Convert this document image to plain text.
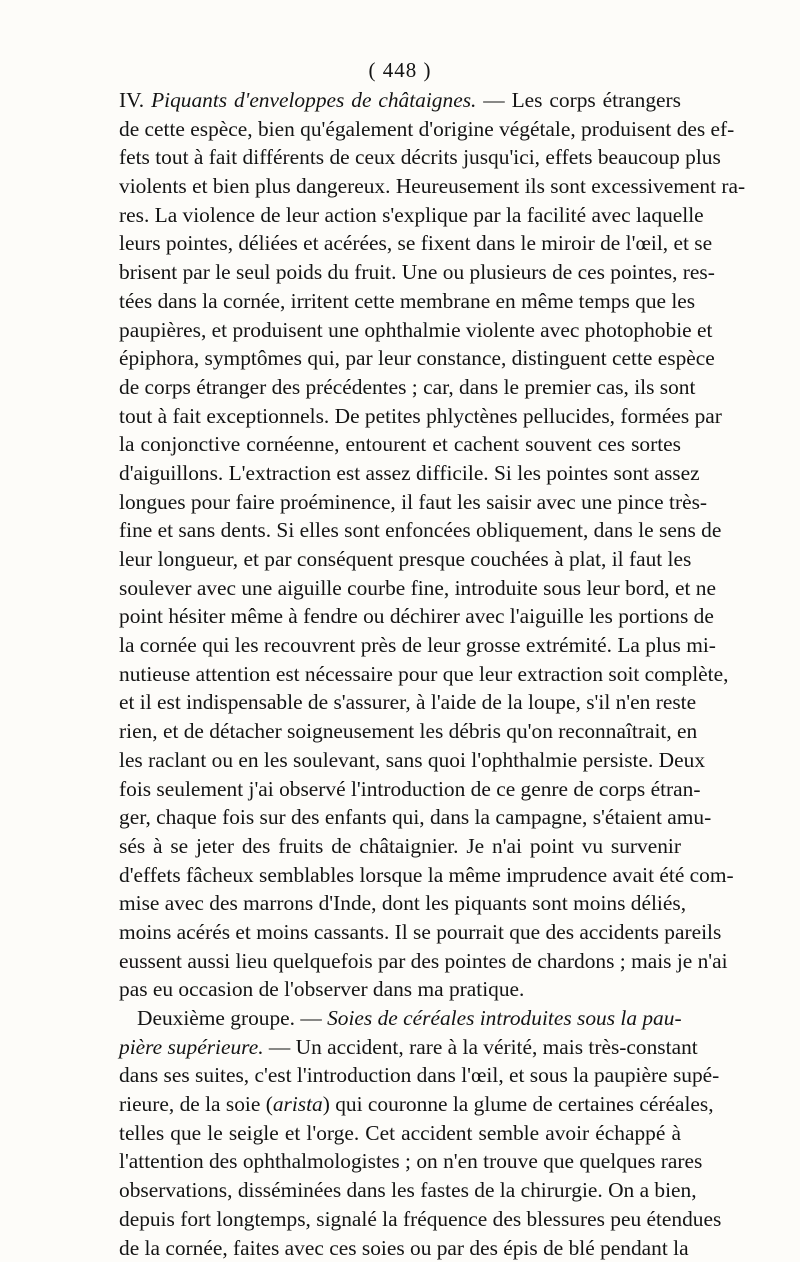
( 448 )
IV. Piquants d'enveloppes de châtaignes. — Les corps étrangers
de cette espèce, bien qu'également d'origine végétale, produisent des ef-
fets tout à fait différents de ceux décrits jusqu'ici, effets beaucoup plus
violents et bien plus dangereux. Heureusement ils sont excessivement ra-
res. La violence de leur action s'explique par la facilité avec laquelle
leurs pointes, déliées et acérées, se fixent dans le miroir de l'œil, et se
brisent par le seul poids du fruit. Une ou plusieurs de ces pointes, res-
tées dans la cornée, irritent cette membrane en même temps que les
paupières, et produisent une ophthalmie violente avec photophobie et
épiphora, symptômes qui, par leur constance, distinguent cette espèce
de corps étranger des précédentes ; car, dans le premier cas, ils sont
tout à fait exceptionnels. De petites phlyctènes pellucides, formées par
la conjonctive cornéenne, entourent et cachent souvent ces sortes
d'aiguillons. L'extraction est assez difficile. Si les pointes sont assez
longues pour faire proéminence, il faut les saisir avec une pince très-
fine et sans dents. Si elles sont enfoncées obliquement, dans le sens de
leur longueur, et par conséquent presque couchées à plat, il faut les
soulever avec une aiguille courbe fine, introduite sous leur bord, et ne
point hésiter même à fendre ou déchirer avec l'aiguille les portions de
la cornée qui les recouvrent près de leur grosse extrémité. La plus mi-
nutieuse attention est nécessaire pour que leur extraction soit complète,
et il est indispensable de s'assurer, à l'aide de la loupe, s'il n'en reste
rien, et de détacher soigneusement les débris qu'on reconnaîtrait, en
les raclant ou en les soulevant, sans quoi l'ophthalmie persiste. Deux
fois seulement j'ai observé l'introduction de ce genre de corps étran-
ger, chaque fois sur des enfants qui, dans la campagne, s'étaient amu-
sés à se jeter des fruits de châtaignier. Je n'ai point vu survenir
d'effets fâcheux semblables lorsque la même imprudence avait été com-
mise avec des marrons d'Inde, dont les piquants sont moins déliés,
moins acérés et moins cassants. Il se pourrait que des accidents pareils
eussent aussi lieu quelquefois par des pointes de chardons ; mais je n'ai
pas eu occasion de l'observer dans ma pratique.
Deuxième groupe. — Soies de céréales introduites sous la pau-
pière supérieure. — Un accident, rare à la vérité, mais très-constant
dans ses suites, c'est l'introduction dans l'œil, et sous la paupière supé-
rieure, de la soie (arista) qui couronne la glume de certaines céréales,
telles que le seigle et l'orge. Cet accident semble avoir échappé à
l'attention des ophthalmologistes ; on n'en trouve que quelques rares
observations, disséminées dans les fastes de la chirurgie. On a bien,
depuis fort longtemps, signalé la fréquence des blessures peu étendues
de la cornée, faites avec ces soies ou par des épis de blé pendant la
